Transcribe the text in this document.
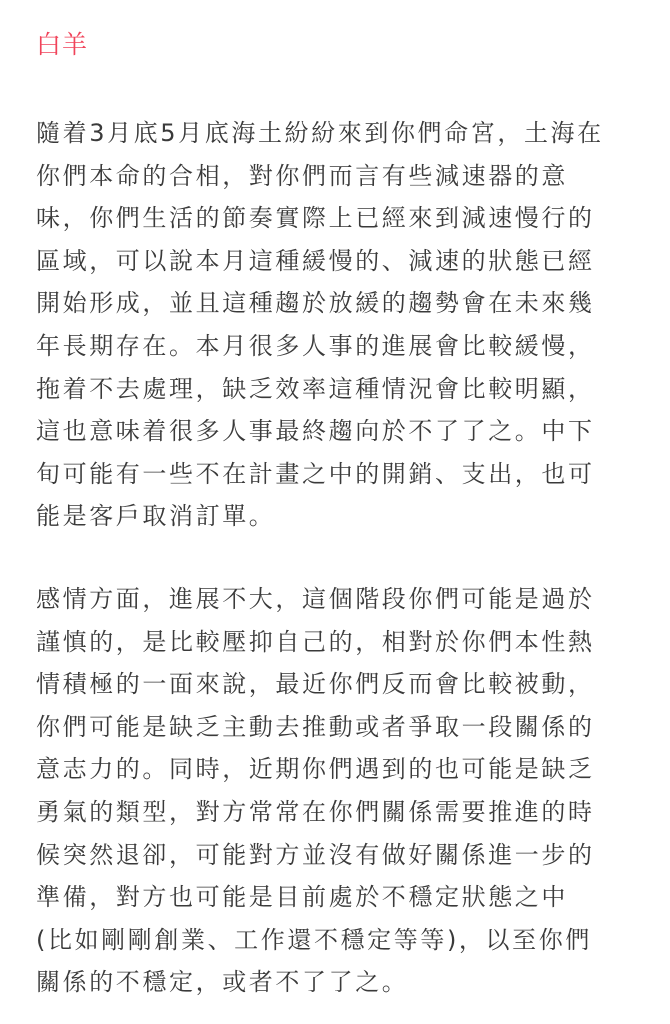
白羊
隨着3月底5月底海土紛紛來到你們命宮，土海在
你們本命的合相，對你們而言有些減速器的意
味，你們生活的節奏實際上已經來到減速慢行的
區域，可以說本月這種緩慢的、減速的狀態已經
開始形成，並且這種趨於放緩的趨勢會在未來幾
年長期存在。本月很多人事的進展會比較緩慢，
拖着不去處理，缺乏效率這種情況會比較明顯，
這也意味着很多人事最終趨向於不了了之。中下
旬可能有一些不在計畫之中的開銷、支出，也可
能是客戶取消訂單。
感情方面，進展不大，這個階段你們可能是過於
謹慎的，是比較壓抑自己的，相對於你們本性熱
情積極的一面來說，最近你們反而會比較被動，
你們可能是缺乏主動去推動或者爭取一段關係的
意志力的。同時，近期你們遇到的也可能是缺乏
勇氣的類型，對方常常在你們關係需要推進的時
候突然退卻，可能對方並沒有做好關係進一步的
準備，對方也可能是目前處於不穩定狀態之中
(比如剛剛創業、工作還不穩定等等)，以至你們
關係的不穩定，或者不了了之。
